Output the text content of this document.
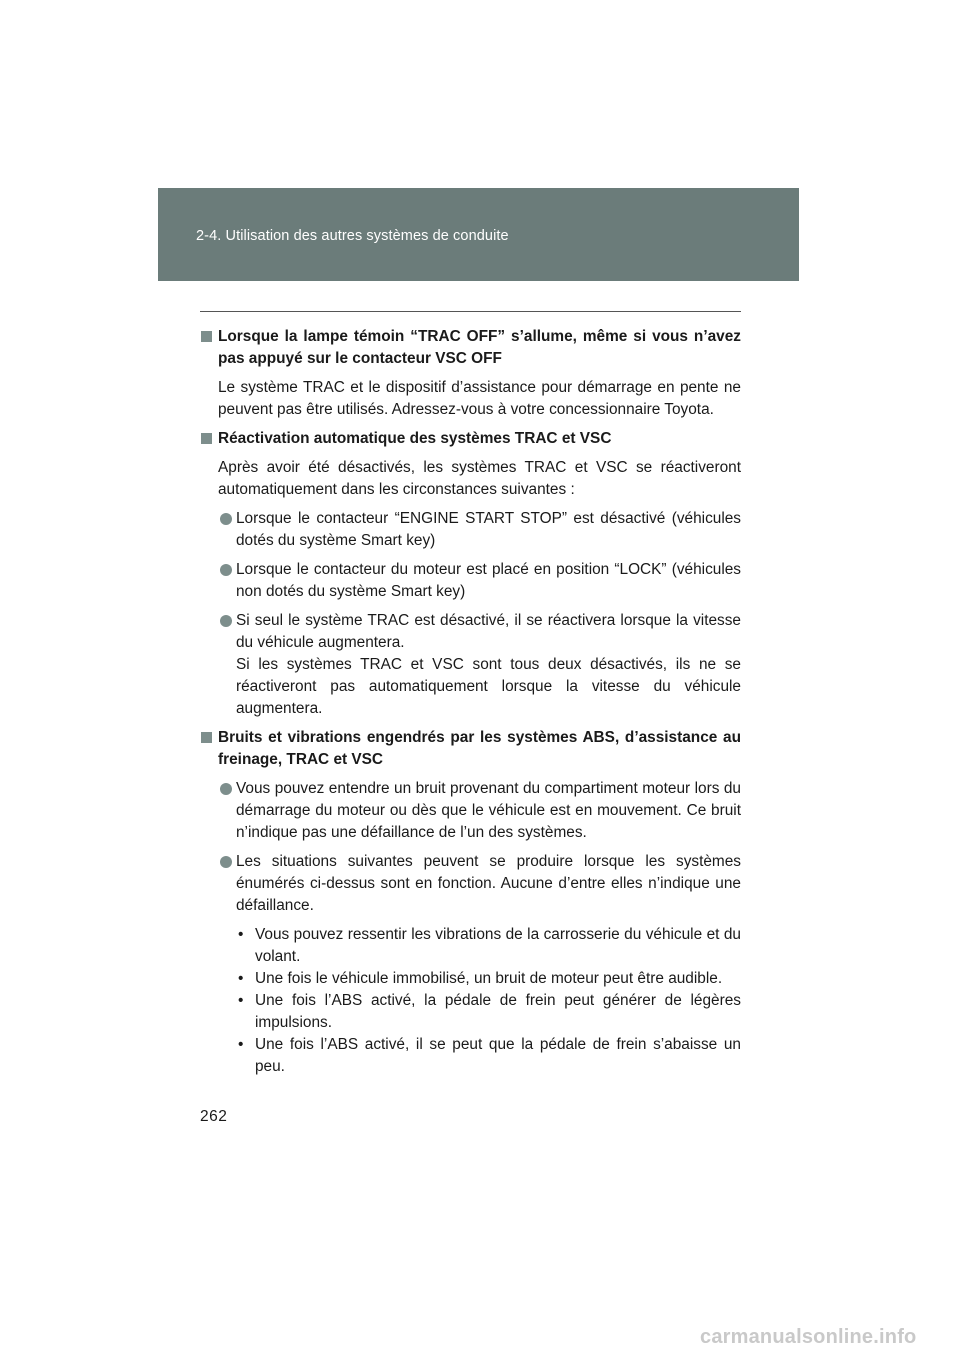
2-4. Utilisation des autres systèmes de conduite
Lorsque la lampe témoin “TRAC OFF” s’allume, même si vous n’avez pas appuyé sur le contacteur VSC OFF
Le système TRAC et le dispositif d’assistance pour démarrage en pente ne peuvent pas être utilisés. Adressez-vous à votre concessionnaire Toyota.
Réactivation automatique des systèmes TRAC et VSC
Après avoir été désactivés, les systèmes TRAC et VSC se réactiveront automatiquement dans les circonstances suivantes :
Lorsque le contacteur “ENGINE START STOP” est désactivé (véhicules dotés du système Smart key)
Lorsque le contacteur du moteur est placé en position “LOCK” (véhicules non dotés du système Smart key)
Si seul le système TRAC est désactivé, il se réactivera lorsque la vitesse du véhicule augmentera.
Si les systèmes TRAC et VSC sont tous deux désactivés, ils ne se réactiveront pas automatiquement lorsque la vitesse du véhicule augmentera.
Bruits et vibrations engendrés par les systèmes ABS, d’assistance au freinage, TRAC et VSC
Vous pouvez entendre un bruit provenant du compartiment moteur lors du démarrage du moteur ou dès que le véhicule est en mouvement. Ce bruit n’indique pas une défaillance de l’un des systèmes.
Les situations suivantes peuvent se produire lorsque les systèmes énumérés ci-dessus sont en fonction. Aucune d’entre elles n’indique une défaillance.
• Vous pouvez ressentir les vibrations de la carrosserie du véhicule et du volant.
• Une fois le véhicule immobilisé, un bruit de moteur peut être audible.
• Une fois l’ABS activé, la pédale de frein peut générer de légères impulsions.
• Une fois l’ABS activé, il se peut que la pédale de frein s’abaisse un peu.
262
carmanualsonline.info
